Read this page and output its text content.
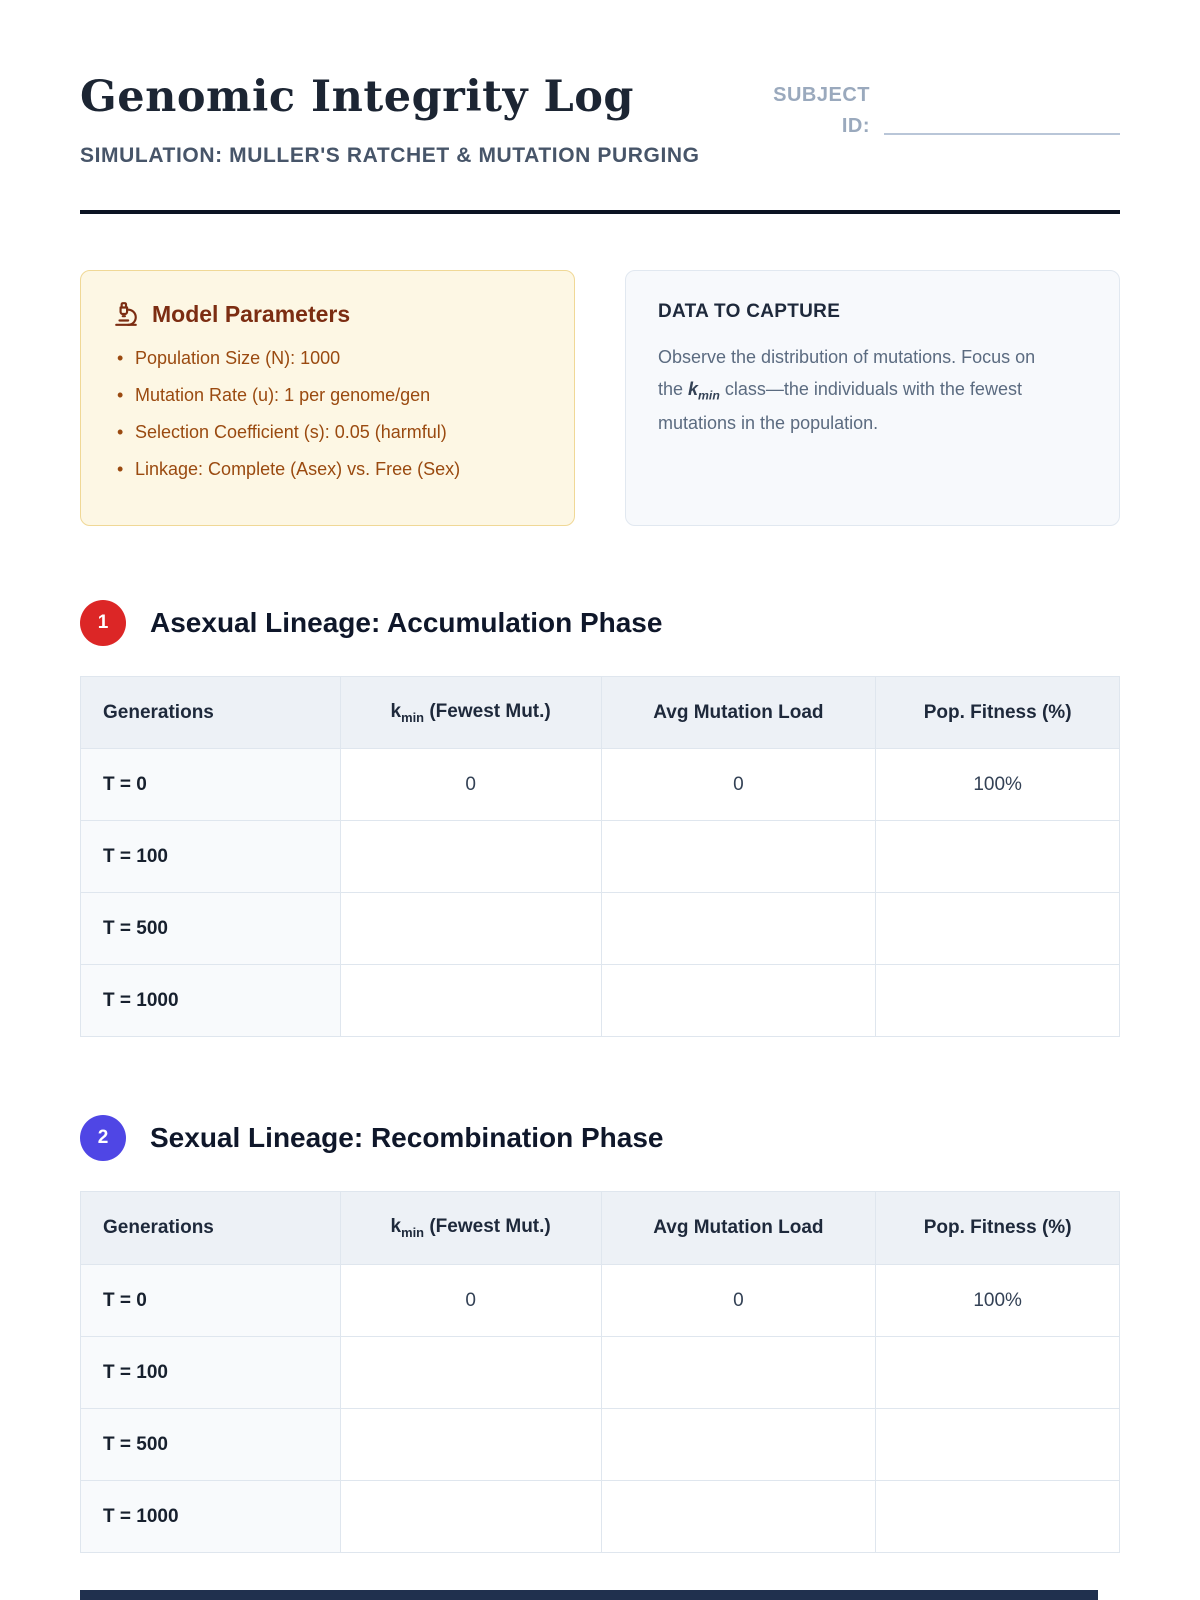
Genomic Integrity Log	SUBJECT ID:
SIMULATION: MULLER'S RATCHET & MUTATION PURGING
Model Parameters
• Population Size (N): 1000
• Mutation Rate (u): 1 per genome/gen
• Selection Coefficient (s): 0.05 (harmful)
• Linkage: Complete (Asex) vs. Free (Sex)
DATA TO CAPTURE

Observe the distribution of mutations. Focus on the $k_{min}$ class—the individuals with the fewest mutations in the population.

1	Asexual Lineage: Accumulation Phase
Generations	$k_{min}$ (Fewest Mut.)	Avg Mutation Load	Pop. Fitness (%)
T = 0	0	0	100%
T = 100			
T = 500			
T = 1000			
2	Sexual Lineage: Recombination Phase
Generations	$k_{min}$ (Fewest Mut.)	Avg Mutation Load	Pop. Fitness (%)
T = 0	0	0	100%
T = 100			
T = 500			
T = 1000			
